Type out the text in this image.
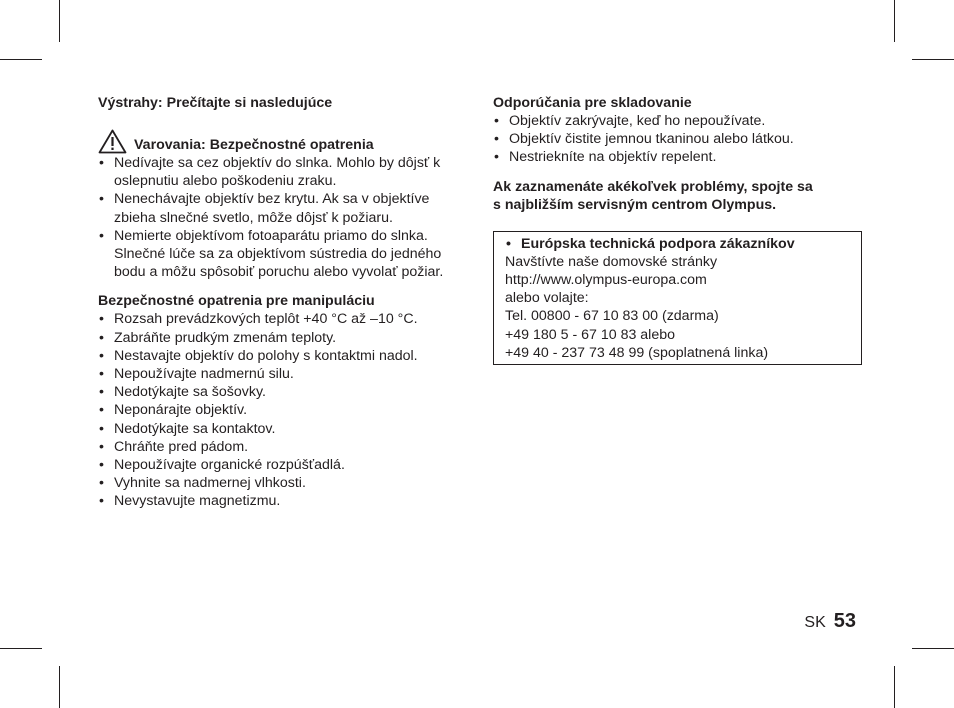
Výstrahy: Prečítajte si nasledujúce

Varovania: Bezpečnostné opatrenia
• Nedívajte sa cez objektív do slnka. Mohlo by dôjsť k oslepnutiu alebo poškodeniu zraku.
• Nenechávajte objektív bez krytu. Ak sa v objektíve zbieha slnečné svetlo, môže dôjsť k požiaru.
• Nemierte objektívom fotoaparátu priamo do slnka. Slnečné lúče sa za objektívom sústredia do jedného bodu a môžu spôsobiť poruchu alebo vyvolať požiar.

Bezpečnostné opatrenia pre manipuláciu

• Rozsah prevádzkových teplôt +40 °C až –10 °C.
• Zabráňte prudkým zmenám teploty.
• Nestavajte objektív do polohy s kontaktmi nadol.
• Nepoužívajte nadmernú silu.
• Nedotýkajte sa šošovky.
• Neponárajte objektív.
• Nedotýkajte sa kontaktov.
• Chráňte pred pádom.
• Nepoužívajte organické rozpúšťadlá.
• Vyhnite sa nadmernej vlhkosti.
• Nevystavujte magnetizmu.

Odporúčania pre skladovanie

• Objektív zakrývajte, keď ho nepoužívate.
• Objektív čistite jemnou tkaninou alebo látkou.
• Nestriekníte na objektív repelent.

Ak zaznamenáte akékoľvek problémy, spojte sa
s najbližším servisným centrom Olympus.

• Európska technická podpora zákazníkov
Navštívte naše domovské stránky
http://www.olympus-europa.com
alebo volajte:
Tel. 00800 - 67 10 83 00 (zdarma)
+49 180 5 - 67 10 83 alebo
+49 40 - 237 73 48 99 (spoplatnená linka)
SK 53
